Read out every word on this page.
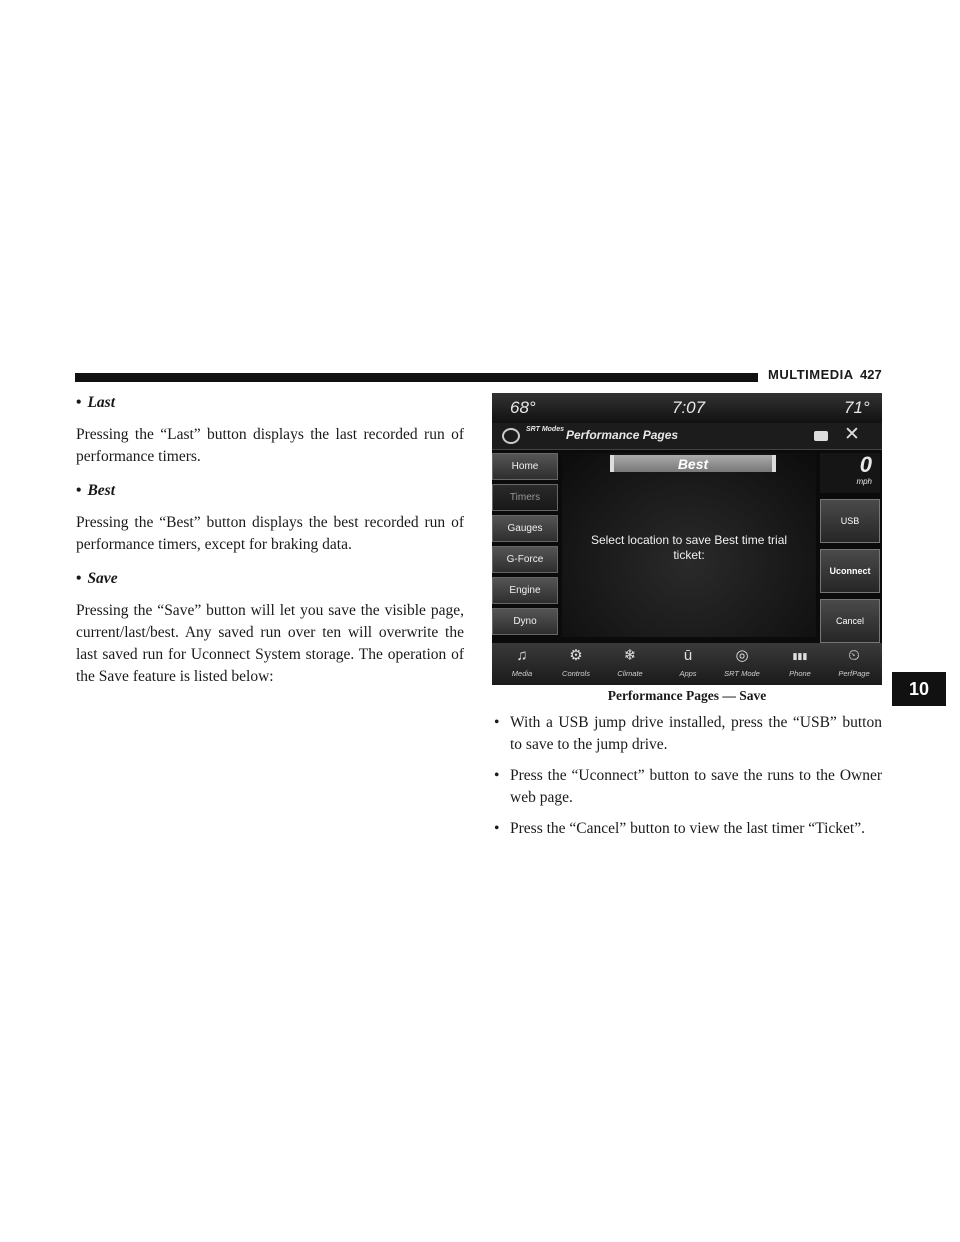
MULTIMEDIA 427
10

• Last

Pressing the “Last” button displays the last recorded run of performance timers.

• Best

Pressing the “Best” button displays the best recorded run of performance timers, except for braking data.

• Save

Pressing the “Save” button will let you save the visible page, current/last/best. Any saved run over ten will overwrite the last saved run for Uconnect System storage. The operation of the Save feature is listed below:

68°	7:07	71°
SRT Modes Performance Pages	✕
Home
Timers
Gauges
G-Force
Engine
Dyno
Best
Select location to save Best time trial ticket:
0
mph
USB
Uconnect
Cancel
♫
Media
⚙
Controls
❄
Climate
ū
Apps
◎
SRT Mode
▮▮▮
Phone
⏲
PerfPage
Performance Pages — Save

• With a USB jump drive installed, press the “USB” button to save to the jump drive.

• Press the “Uconnect” button to save the runs to the Owner web page.

• Press the “Cancel” button to view the last timer “Ticket”.
